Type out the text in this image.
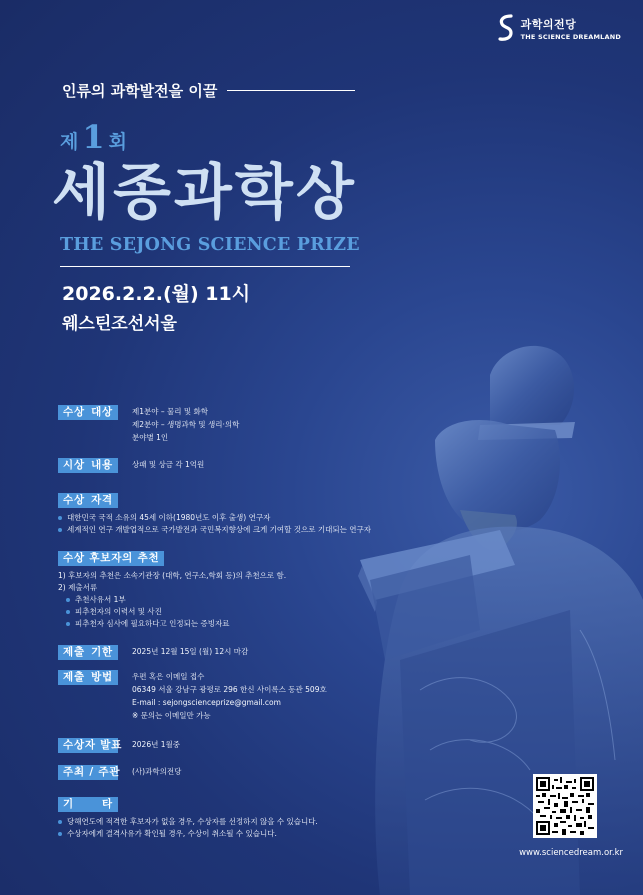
과학의전당
THE SCIENCE DREAMLAND
인류의 과학발전을 이끌
제 1 회
세종과학상
THE SEJONG SCIENCE PRIZE
2026.2.2.(월) 11시
웨스틴조선서울
수상 대상	제1분야 – 물리 및 화학
제2분야 – 생명과학 및 생리·의학
분야별 1인
시상 내용	상패 및 상금 각 1억원
수상 자격
대한민국 국적 소유의 45세 이하(1980년도 이후 출생) 연구자
세계적인 연구 개발업적으로 국가발전과 국민복지향상에 크게 기여할 것으로 기대되는 연구자
수상 후보자의 추천
1) 후보자의 추천은 소속기관장 (대학, 연구소,학회 등)의 추천으로 함.
2) 제출서류
추천사유서 1부
피추천자의 이력서 및 사진
피추천자 심사에 필요하다고 인정되는 증빙자료
제출 기한	2025년 12월 15일 (월) 12시 마감
제출 방법	우편 혹은 이메일 접수
06349 서울 강남구 광평로 296 한신 사이록스 동관 509호
E-mail : sejongscienceprize@gmail.com
※ 문의는 이메일만 가능
수상자 발표 2026년 1월중
주최 / 주관 (사)과학의전당
기 타
당해연도에 적격한 후보자가 없을 경우, 수상자를 선정하지 않을 수 있습니다.
수상자에게 결격사유가 확인될 경우, 수상이 취소될 수 있습니다.
www.sciencedream.or.kr
